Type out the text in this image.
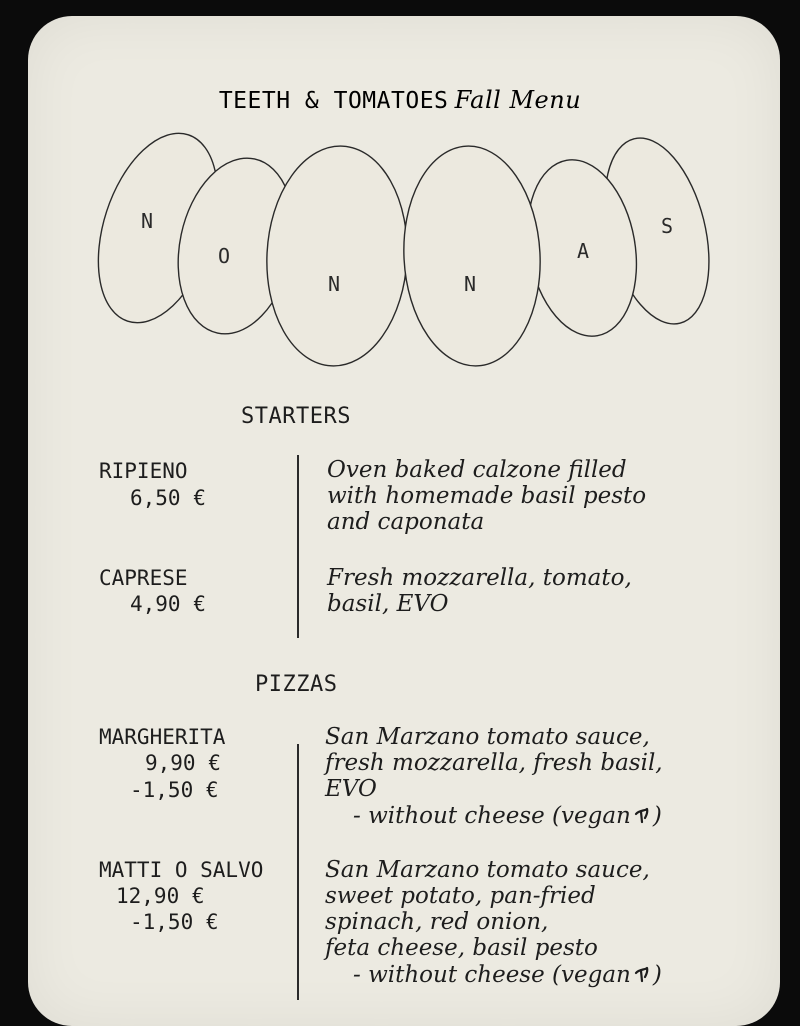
TEETH & TOMATOES Fall Menu
N
O
N	N
A
S
STARTERS
RIPIENO
6,50 €
Oven baked calzone filled
with homemade basil pesto
and caponata
CAPRESE
4,90 €
Fresh mozzarella, tomato,
basil, EVO
PIZZAS
MARGHERITA
9,90 €
-1,50 €
San Marzano tomato sauce,
fresh mozzarella, fresh basil,
EVO
- without cheese (vegan )
MATTI O SALVO
12,90 €
-1,50 €
San Marzano tomato sauce,
sweet potato, pan-fried
spinach, red onion,
feta cheese, basil pesto
- without cheese (vegan )
